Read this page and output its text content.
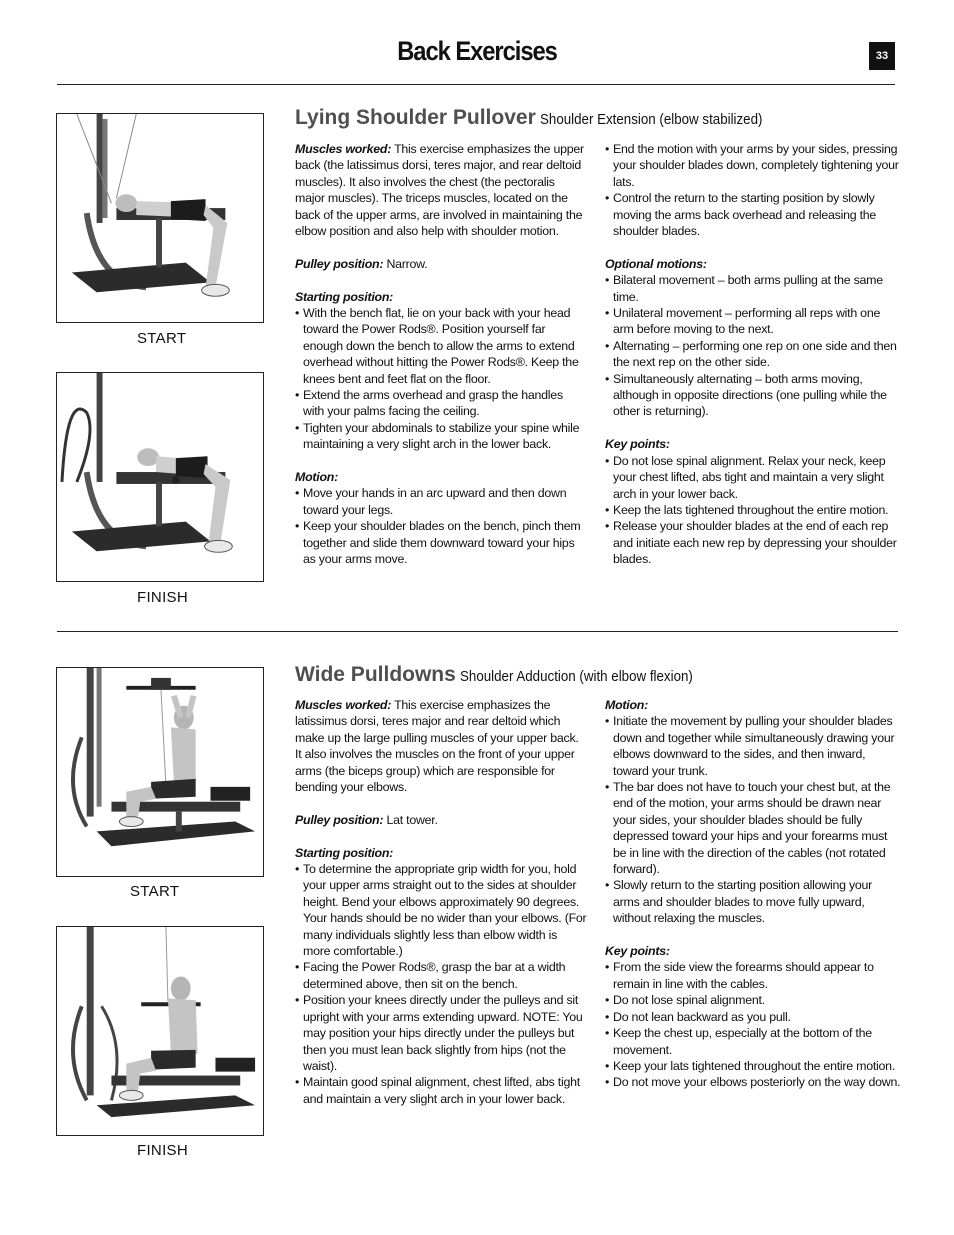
Back Exercises	33
START
FINISH
Lying Shoulder Pullover Shoulder Extension (elbow stabilized)

Muscles worked: This exercise emphasizes the upper back (the latissimus dorsi, teres major, and rear deltoid muscles). It also involves the chest (the pectoralis major muscles). The triceps muscles, located on the back of the upper arms, are involved in maintaining the elbow position and also help with shoulder motion.

Pulley position: Narrow.

Starting position:

• With the bench flat, lie on your back with your head toward the Power Rods®. Position yourself far enough down the bench to allow the arms to extend overhead without hitting the Power Rods®. Keep the knees bent and feet flat on the floor.
• Extend the arms overhead and grasp the handles with your palms facing the ceiling.
• Tighten your abdominals to stabilize your spine while maintaining a very slight arch in the lower back.

Motion:

• Move your hands in an arc upward and then down toward your legs.
• Keep your shoulder blades on the bench, pinch them together and slide them downward toward your hips as your arms move.
• End the motion with your arms by your sides, pressing your shoulder blades down, completely tightening your lats.
• Control the return to the starting position by slowly moving the arms back overhead and releasing the shoulder blades.

Optional motions:

• Bilateral movement – both arms pulling at the same time.
• Unilateral movement – performing all reps with one arm before moving to the next.
• Alternating – performing one rep on one side and then the next rep on the other side.
• Simultaneously alternating – both arms moving, although in opposite directions (one pulling while the other is returning).

Key points:

• Do not lose spinal alignment. Relax your neck, keep your chest lifted, abs tight and maintain a very slight arch in your lower back.
• Keep the lats tightened throughout the entire motion.
• Release your shoulder blades at the end of each rep and initiate each new rep by depressing your shoulder blades.
START
FINISH
Wide Pulldowns Shoulder Adduction (with elbow flexion)

Muscles worked: This exercise emphasizes the latissimus dorsi, teres major and rear deltoid which make up the large pulling muscles of your upper back. It also involves the muscles on the front of your upper arms (the biceps group) which are responsible for bending your elbows.

Pulley position: Lat tower.

Starting position:

• To determine the appropriate grip width for you, hold your upper arms straight out to the sides at shoulder height. Bend your elbows approximately 90 degrees. Your hands should be no wider than your elbows. (For many individuals slightly less than elbow width is more comfortable.)
• Facing the Power Rods®, grasp the bar at a width determined above, then sit on the bench.
• Position your knees directly under the pulleys and sit upright with your arms extending upward. NOTE: You may position your hips directly under the pulleys but then you must lean back slightly from hips (not the waist).
• Maintain good spinal alignment, chest lifted, abs tight and maintain a very slight arch in your lower back.

Motion:

• Initiate the movement by pulling your shoulder blades down and together while simultaneously drawing your elbows downward to the sides, and then inward, toward your trunk.
• The bar does not have to touch your chest but, at the end of the motion, your arms should be drawn near your sides, your shoulder blades should be fully depressed toward your hips and your forearms must be in line with the direction of the cables (not rotated forward).
• Slowly return to the starting position allowing your arms and shoulder blades to move fully upward, without relaxing the muscles.

Key points:

• From the side view the forearms should appear to remain in line with the cables.
• Do not lose spinal alignment.
• Do not lean backward as you pull.
• Keep the chest up, especially at the bottom of the movement.
• Keep your lats tightened throughout the entire motion.
• Do not move your elbows posteriorly on the way down.
